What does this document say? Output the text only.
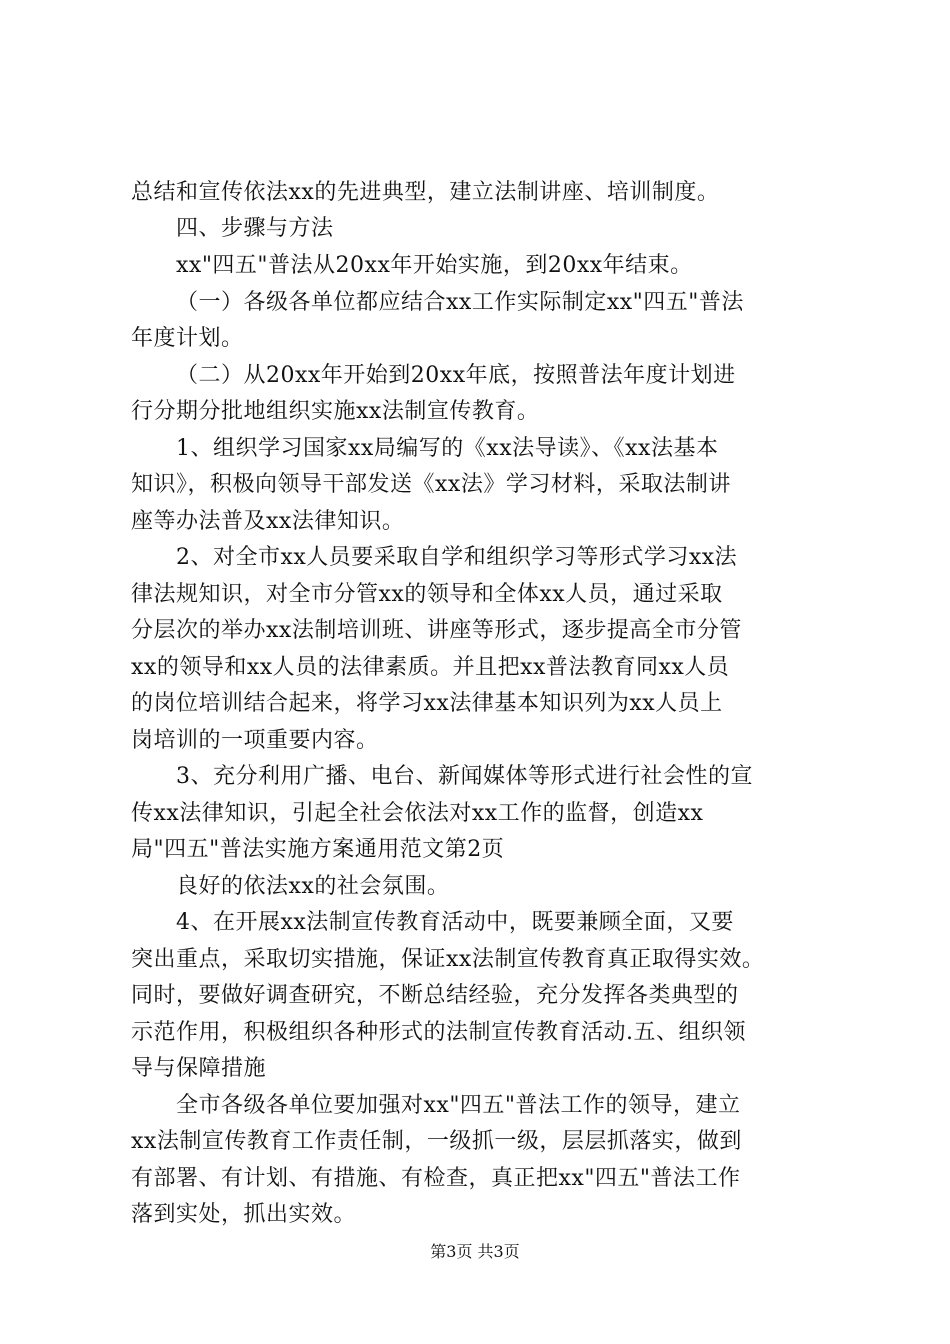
总结和宣传依法xx的先进典型，建立法制讲座、培训制度。
四、步骤与方法
xx"四五"普法从20xx年开始实施，到20xx年结束。
（一）各级各单位都应结合xx工作实际制定xx"四五"普法
年度计划。
（二）从20xx年开始到20xx年底，按照普法年度计划进
行分期分批地组织实施xx法制宣传教育。
1、组织学习国家xx局编写的《xx法导读》、《xx法基本
知识》，积极向领导干部发送《xx法》学习材料，采取法制讲
座等办法普及xx法律知识。
2、对全市xx人员要采取自学和组织学习等形式学习xx法
律法规知识，对全市分管xx的领导和全体xx人员，通过采取
分层次的举办xx法制培训班、讲座等形式，逐步提高全市分管
xx的领导和xx人员的法律素质。并且把xx普法教育同xx人员
的岗位培训结合起来，将学习xx法律基本知识列为xx人员上
岗培训的一项重要内容。
3、充分利用广播、电台、新闻媒体等形式进行社会性的宣
传xx法律知识，引起全社会依法对xx工作的监督，创造xx
局"四五"普法实施方案通用范文第2页
良好的依法xx的社会氛围。
4、在开展xx法制宣传教育活动中，既要兼顾全面，又要
突出重点，采取切实措施，保证xx法制宣传教育真正取得实效。
同时，要做好调查研究，不断总结经验，充分发挥各类典型的
示范作用，积极组织各种形式的法制宣传教育活动.五、组织领
导与保障措施
全市各级各单位要加强对xx"四五"普法工作的领导，建立
xx法制宣传教育工作责任制，一级抓一级，层层抓落实，做到
有部署、有计划、有措施、有检查，真正把xx"四五"普法工作
落到实处，抓出实效。
第3页 共3页
